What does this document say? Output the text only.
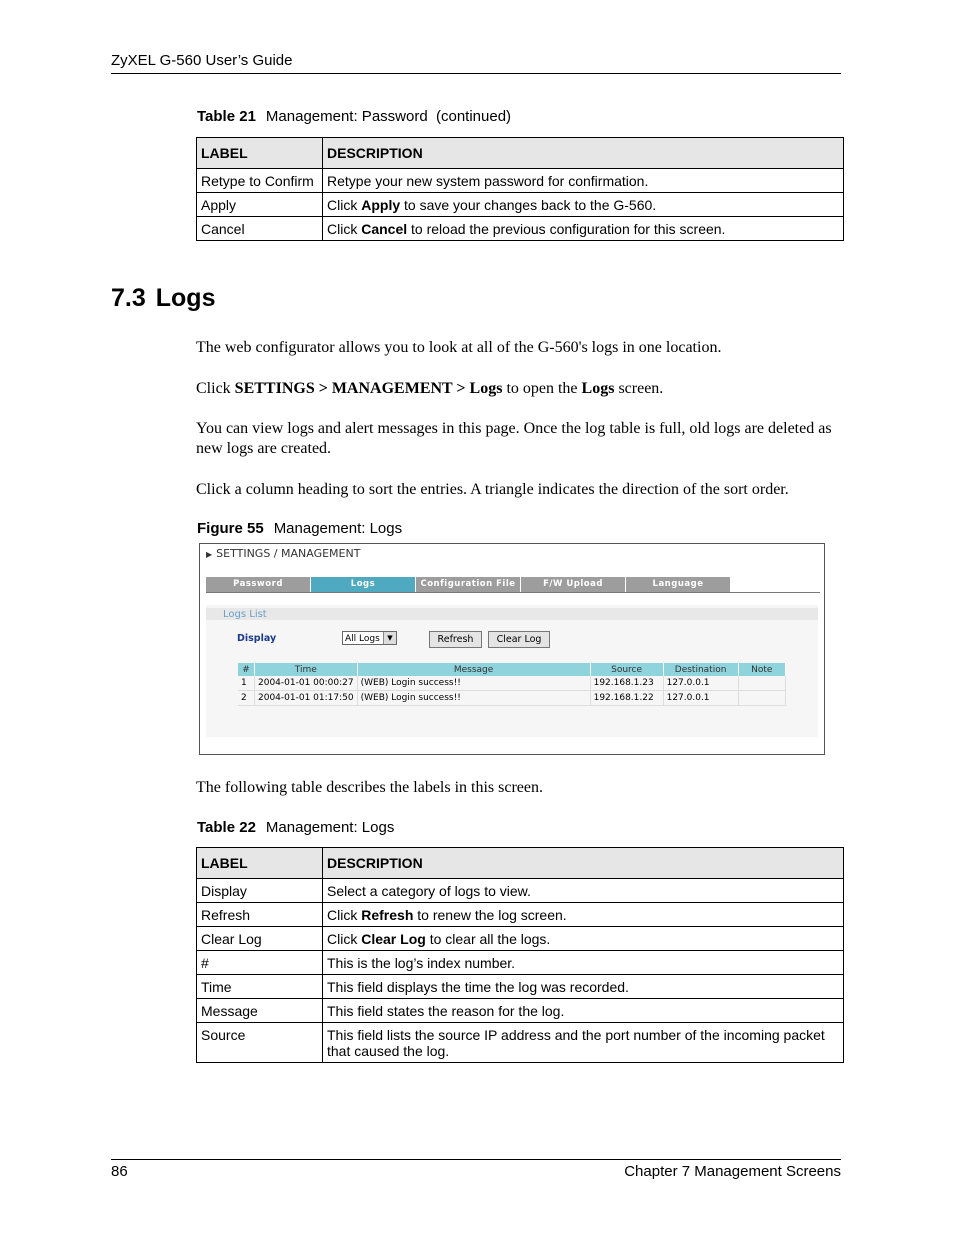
ZyXEL G-560 User’s Guide
Table 21 Management: Password  (continued)
LABEL	DESCRIPTION
Retype to Confirm	Retype your new system password for confirmation.
Apply	Click Apply to save your changes back to the G-560.
Cancel	Click Cancel to reload the previous configuration for this screen.
7.3 Logs

The web configurator allows you to look at all of the G-560's logs in one location.

Click SETTINGS > MANAGEMENT > Logs to open the Logs screen.

You can view logs and alert messages in this page. Once the log table is full, old logs are deleted as new logs are created.

Click a column heading to sort the entries. A triangle indicates the direction of the sort order.

Figure 55 Management: Logs
▶ SETTINGS / MANAGEMENT
Password	Logs	Configuration File	F/W Upload	Language
Logs List
Display	All Logs	▼	Refresh	Clear Log
#	Time	Message	Source	Destination	Note
1	2004-01-01 00:00:27	(WEB) Login success!!	192.168.1.23	127.0.0.1	
2	2004-01-01 01:17:50	(WEB) Login success!!	192.168.1.22	127.0.0.1	

The following table describes the labels in this screen.

Table 22 Management: Logs
LABEL	DESCRIPTION
Display	Select a category of logs to view.
Refresh	Click Refresh to renew the log screen.
Clear Log	Click Clear Log to clear all the logs.
#	This is the log’s index number.
Time	This field displays the time the log was recorded.
Message	This field states the reason for the log.
Source	This field lists the source IP address and the port number of the incoming packet that caused the log.
86	Chapter 7 Management Screens
